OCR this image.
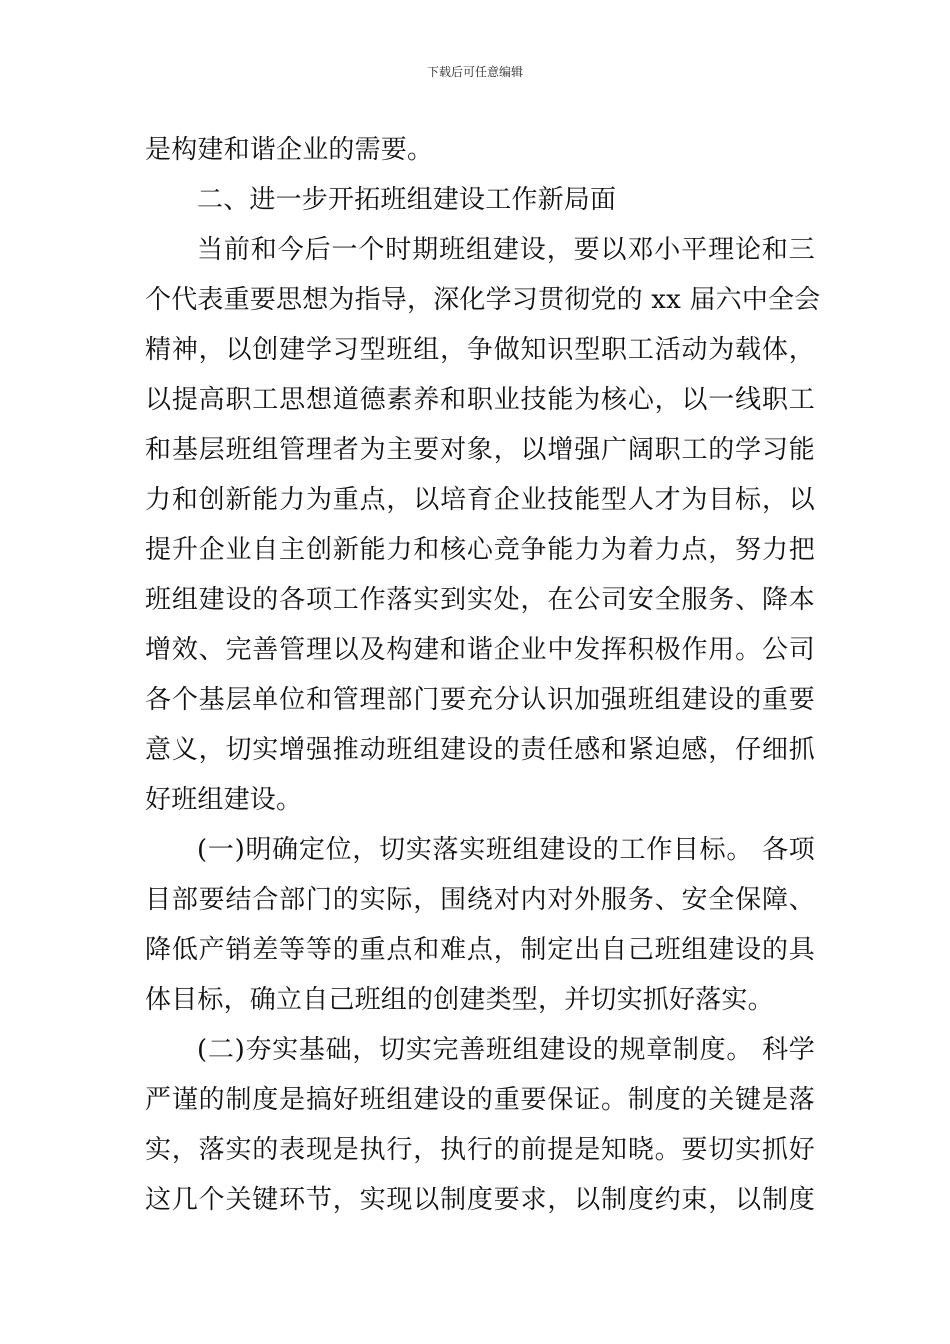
下载后可任意编辑
是构建和谐企业的需要。
二、进一步开拓班组建设工作新局面
当前和今后一个时期班组建设，要以邓小平理论和三
个代表重要思想为指导，深化学习贯彻党的 xx 届六中全会
精神，以创建学习型班组，争做知识型职工活动为载体，
以提高职工思想道德素养和职业技能为核心，以一线职工
和基层班组管理者为主要对象，以增强广阔职工的学习能
力和创新能力为重点，以培育企业技能型人才为目标，以
提升企业自主创新能力和核心竞争能力为着力点，努力把
班组建设的各项工作落实到实处，在公司安全服务、降本
增效、完善管理以及构建和谐企业中发挥积极作用。公司
各个基层单位和管理部门要充分认识加强班组建设的重要
意义，切实增强推动班组建设的责任感和紧迫感，仔细抓
好班组建设。
(一)明确定位，切实落实班组建设的工作目标。 各项
目部要结合部门的实际，围绕对内对外服务、安全保障、
降低产销差等等的重点和难点，制定出自己班组建设的具
体目标，确立自己班组的创建类型，并切实抓好落实。
(二)夯实基础，切实完善班组建设的规章制度。 科学
严谨的制度是搞好班组建设的重要保证。制度的关键是落
实，落实的表现是执行，执行的前提是知晓。要切实抓好
这几个关键环节，实现以制度要求，以制度约束，以制度
